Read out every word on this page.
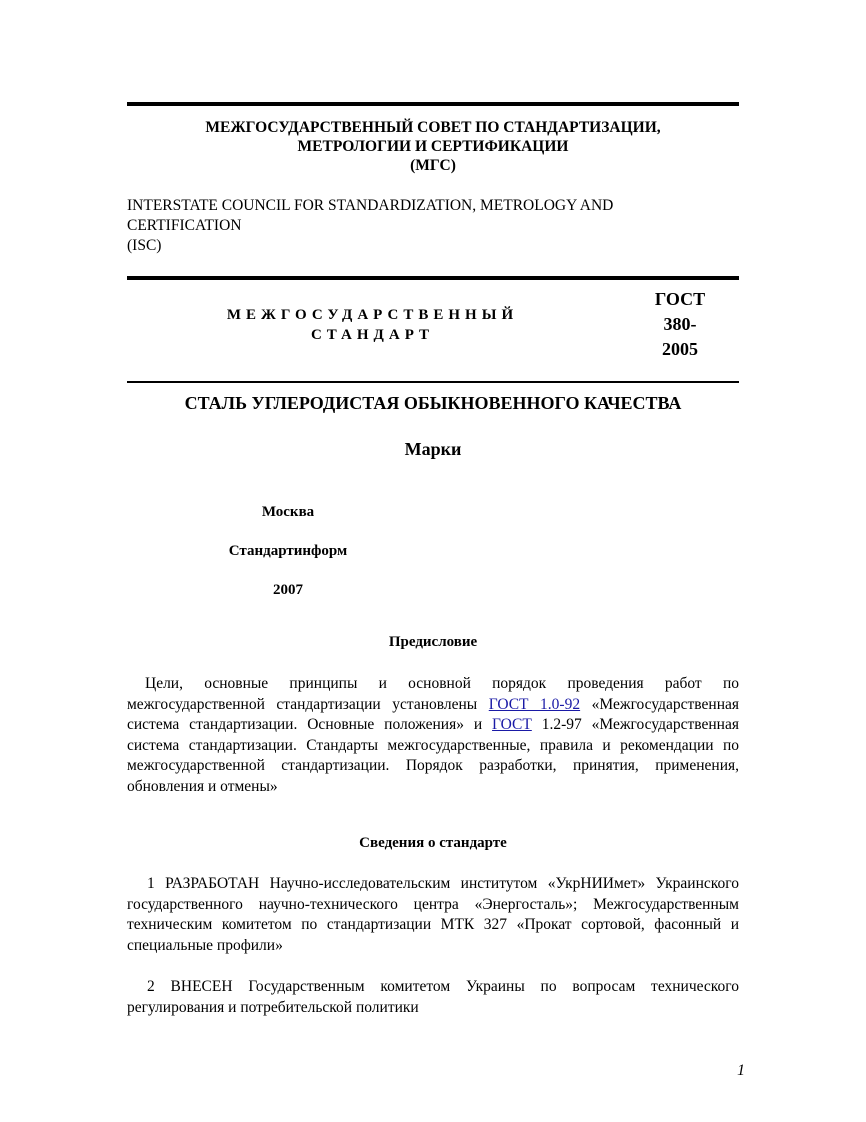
МЕЖГОСУДАРСТВЕННЫЙ СОВЕТ ПО СТАНДАРТИЗАЦИИ,
МЕТРОЛОГИИ И СЕРТИФИКАЦИИ
(МГС)
INTERSTATE COUNCIL FOR STANDARDIZATION, METROLOGY AND
CERTIFICATION
(ISC)
МЕЖГОСУДАРСТВЕННЫЙ
СТАНДАРТ
ГОСТ
380-
2005
СТАЛЬ УГЛЕРОДИСТАЯ ОБЫКНОВЕННОГО КАЧЕСТВА
Марки
Москва
Стандартинформ
2007
Предисловие
Цели, основные принципы и основной порядок проведения работ по межгосударственной стандартизации установлены ГОСТ 1.0-92 «Межгосударственная система стандартизации. Основные положения» и ГОСТ 1.2-97 «Межгосударственная система стандартизации. Стандарты межгосударственные, правила и рекомендации по межгосударственной стандартизации. Порядок разработки, принятия, применения, обновления и отмены»
Сведения о стандарте
1 РАЗРАБОТАН Научно-исследовательским институтом «УкрНИИмет» Украинского государственного научно-технического центра «Энергосталь»; Межгосударственным техническим комитетом по стандартизации МТК 327 «Прокат сортовой, фасонный и специальные профили»
2 ВНЕСЕН Государственным комитетом Украины по вопросам технического регулирования и потребительской политики
1
